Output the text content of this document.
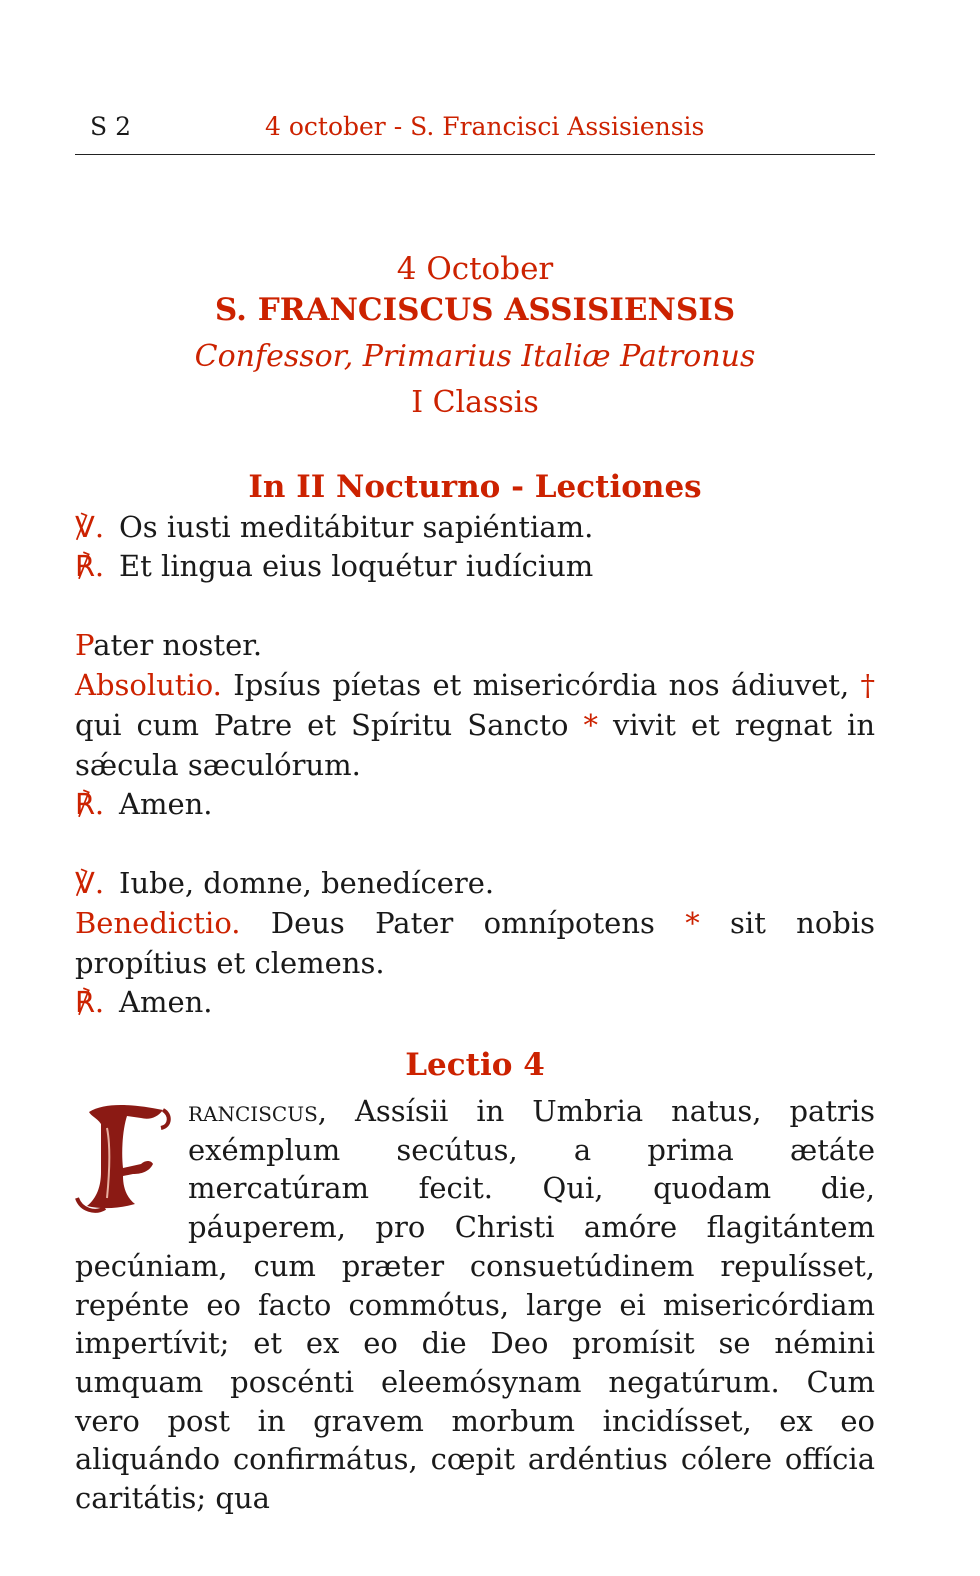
S 2	4 october - S. Francisci Assisiensis
4 October
S. FRANCISCUS ASSISIENSIS
Confessor, Primarius Italiæ Patronus
I Classis
In II Nocturno - Lectiones
℣. Os iusti meditábitur sapiéntiam.
℟. Et lingua eius loquétur iudícium
Pater noster.
Absolutio. Ipsíus píetas et misericórdia nos ádiuvet, † qui cum Patre et Spíritu Sancto * vivit et regnat in sǽcula sæculórum.
℟. Amen.
℣. Iube, domne, benedícere.
Benedictio. Deus Pater omnípotens * sit nobis propítius et clemens.
℟. Amen.
Lectio 4
ranciscus, Assísii in Umbria natus, patris exémplum secútus, a prima ætáte mercatúram fecit. Qui, quodam die, páuperem, pro Christi amóre flagitántem pecúniam, cum præter consuetúdinem repulísset, repénte eo facto commótus, large ei misericórdiam impertívit; et ex eo die Deo promísit se némini umquam poscénti eleemósynam negatúrum. Cum vero post in gravem morbum incidísset, ex eo aliquándo confirmátus, cœpit ardéntius cólere offícia caritátis; qua
